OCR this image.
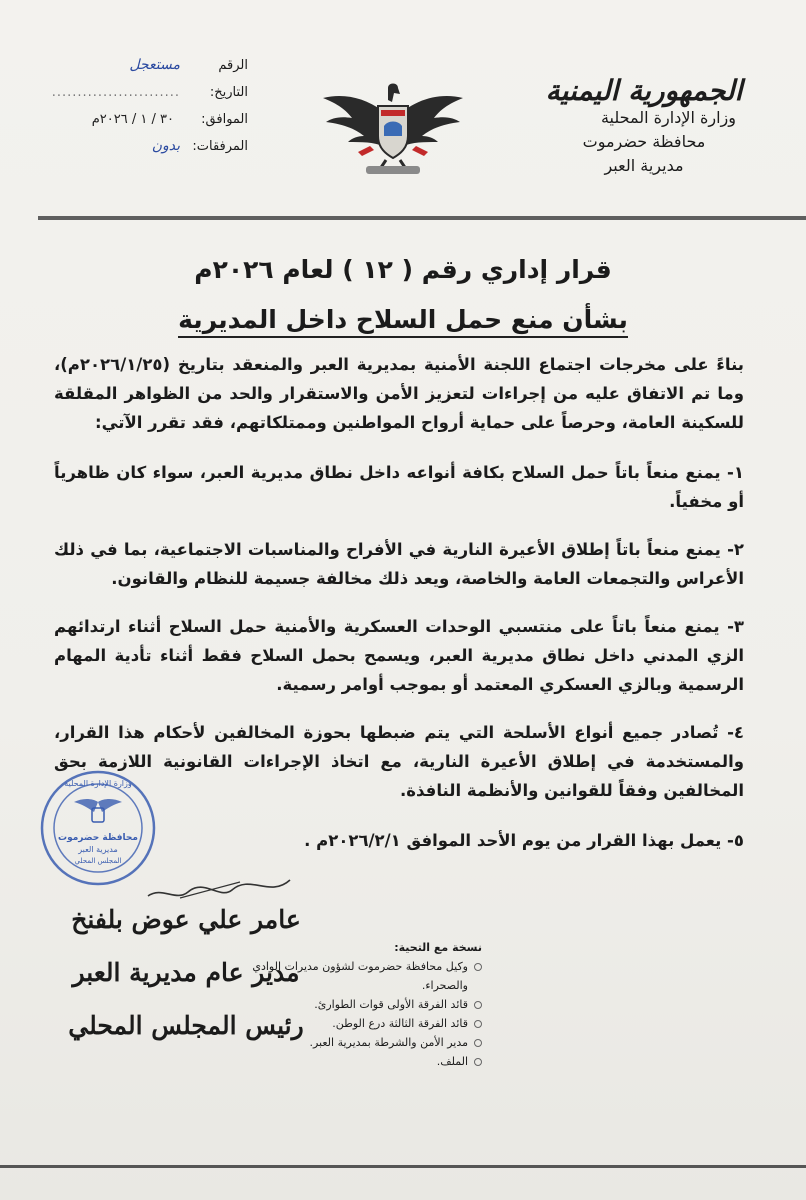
الجمهورية اليمنية
وزارة الإدارة المحلية
محافظة حضرموت
مديرية العبر
الرقم
مستعجل
التاريخ:
.........................
الموافق:
٣٠ / ١ / ٢٠٢٦م
المرفقات:
بدون
قرار إداري رقم ( ١٢ ) لعام ٢٠٢٦م
بشأن منع حمل السلاح داخل المديرية
بناءً على مخرجات اجتماع اللجنة الأمنية بمديرية العبر والمنعقد بتاريخ (٢٠٢٦/١/٢٥م)، وما تم الاتفاق عليه من إجراءات لتعزيز الأمن والاستقرار والحد من الظواهر المقلقة للسكينة العامة، وحرصاً على حماية أرواح المواطنين وممتلكاتهم، فقد تقرر الآتي:
١- يمنع منعاً باتاً حمل السلاح بكافة أنواعه داخل نطاق مديرية العبر، سواء كان ظاهرياً أو مخفياً.
٢- يمنع منعاً باتاً إطلاق الأعيرة النارية في الأفراح والمناسبات الاجتماعية، بما في ذلك الأعراس والتجمعات العامة والخاصة، ويعد ذلك مخالفة جسيمة للنظام والقانون.
٣- يمنع منعاً باتاً على منتسبي الوحدات العسكرية والأمنية حمل السلاح أثناء ارتدائهم الزي المدني داخل نطاق مديرية العبر، ويسمح بحمل السلاح فقط أثناء تأدية المهام الرسمية وبالزي العسكري المعتمد أو بموجب أوامر رسمية.
٤- تُصادر جميع أنواع الأسلحة التي يتم ضبطها بحوزة المخالفين لأحكام هذا القرار، والمستخدمة في إطلاق الأعيرة النارية، مع اتخاذ الإجراءات القانونية اللازمة بحق المخالفين وفقاً للقوانين والأنظمة النافذة.
٥- يعمل بهذا القرار من يوم الأحد الموافق ٢٠٢٦/٢/١م .
وزارة الإدارة المحلية
محافظة حضرموت
مديرية العبر
المجلس المحلي
عامر علي عوض بلفنخ
مدير عام مديرية العبر
رئيس المجلس المحلي
نسخة مع التحية:
وكيل محافظة حضرموت لشؤون مديرات الوادي والصحراء.
قائد الفرقة الأولى قوات الطوارئ.
قائد الفرقة الثالثة درع الوطن.
مدير الأمن والشرطة بمديرية العبر.
الملف.
